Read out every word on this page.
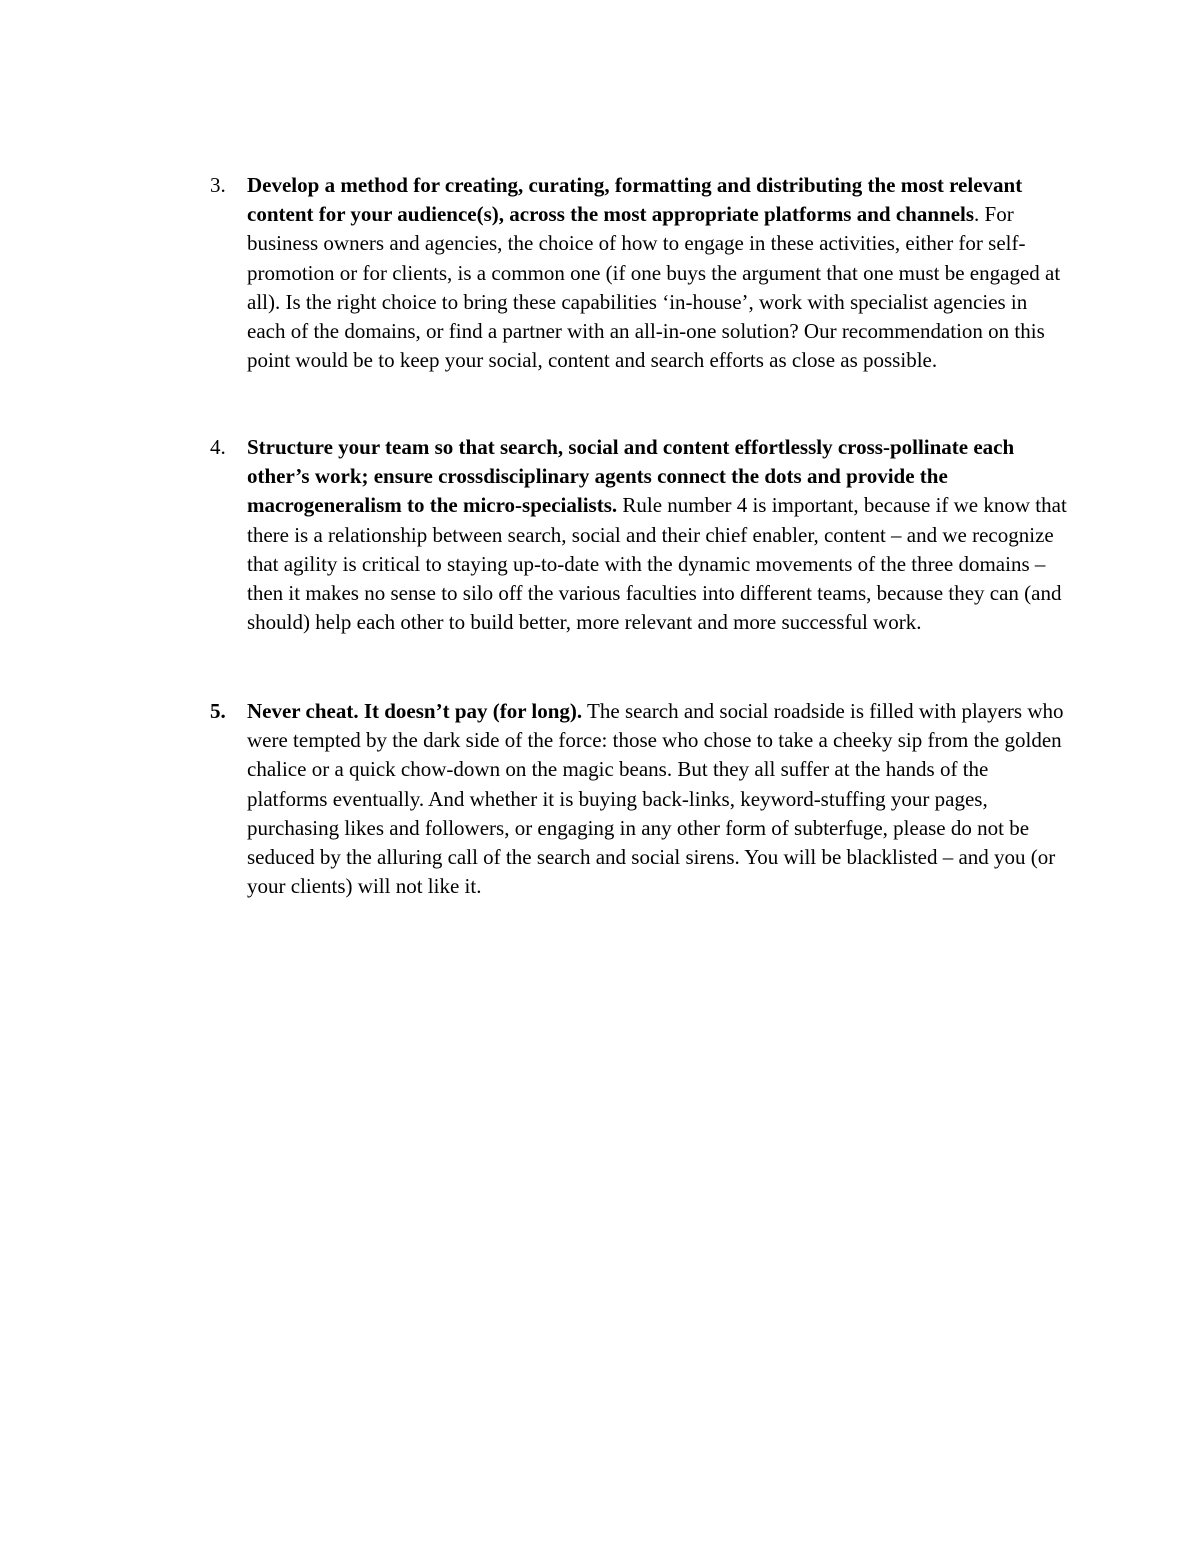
3.	Develop a method for creating, curating, formatting and distributing the most relevant content for your audience(s), across the most appropriate platforms and channels. For business owners and agencies, the choice of how to engage in these activities, either for self-promotion or for clients, is a common one (if one buys the argument that one must be engaged at all). Is the right choice to bring these capabilities ‘in-house’, work with specialist agencies in each of the domains, or find a partner with an all-in-one solution? Our recommendation on this point would be to keep your social, content and search efforts as close as possible.
4.	Structure your team so that search, social and content effortlessly cross-pollinate each other’s work; ensure crossdisciplinary agents connect the dots and provide the macrogeneralism to the micro-specialists. Rule number 4 is important, because if we know that there is a relationship between search, social and their chief enabler, content – and we recognize that agility is critical to staying up-to-date with the dynamic movements of the three domains – then it makes no sense to silo off the various faculties into different teams, because they can (and should) help each other to build better, more relevant and more successful work.
5.	Never cheat. It doesn’t pay (for long). The search and social roadside is filled with players who were tempted by the dark side of the force: those who chose to take a cheeky sip from the golden chalice or a quick chow-down on the magic beans. But they all suffer at the hands of the platforms eventually. And whether it is buying back-links, keyword-stuffing your pages, purchasing likes and followers, or engaging in any other form of subterfuge, please do not be seduced by the alluring call of the search and social sirens. You will be blacklisted – and you (or your clients) will not like it.
